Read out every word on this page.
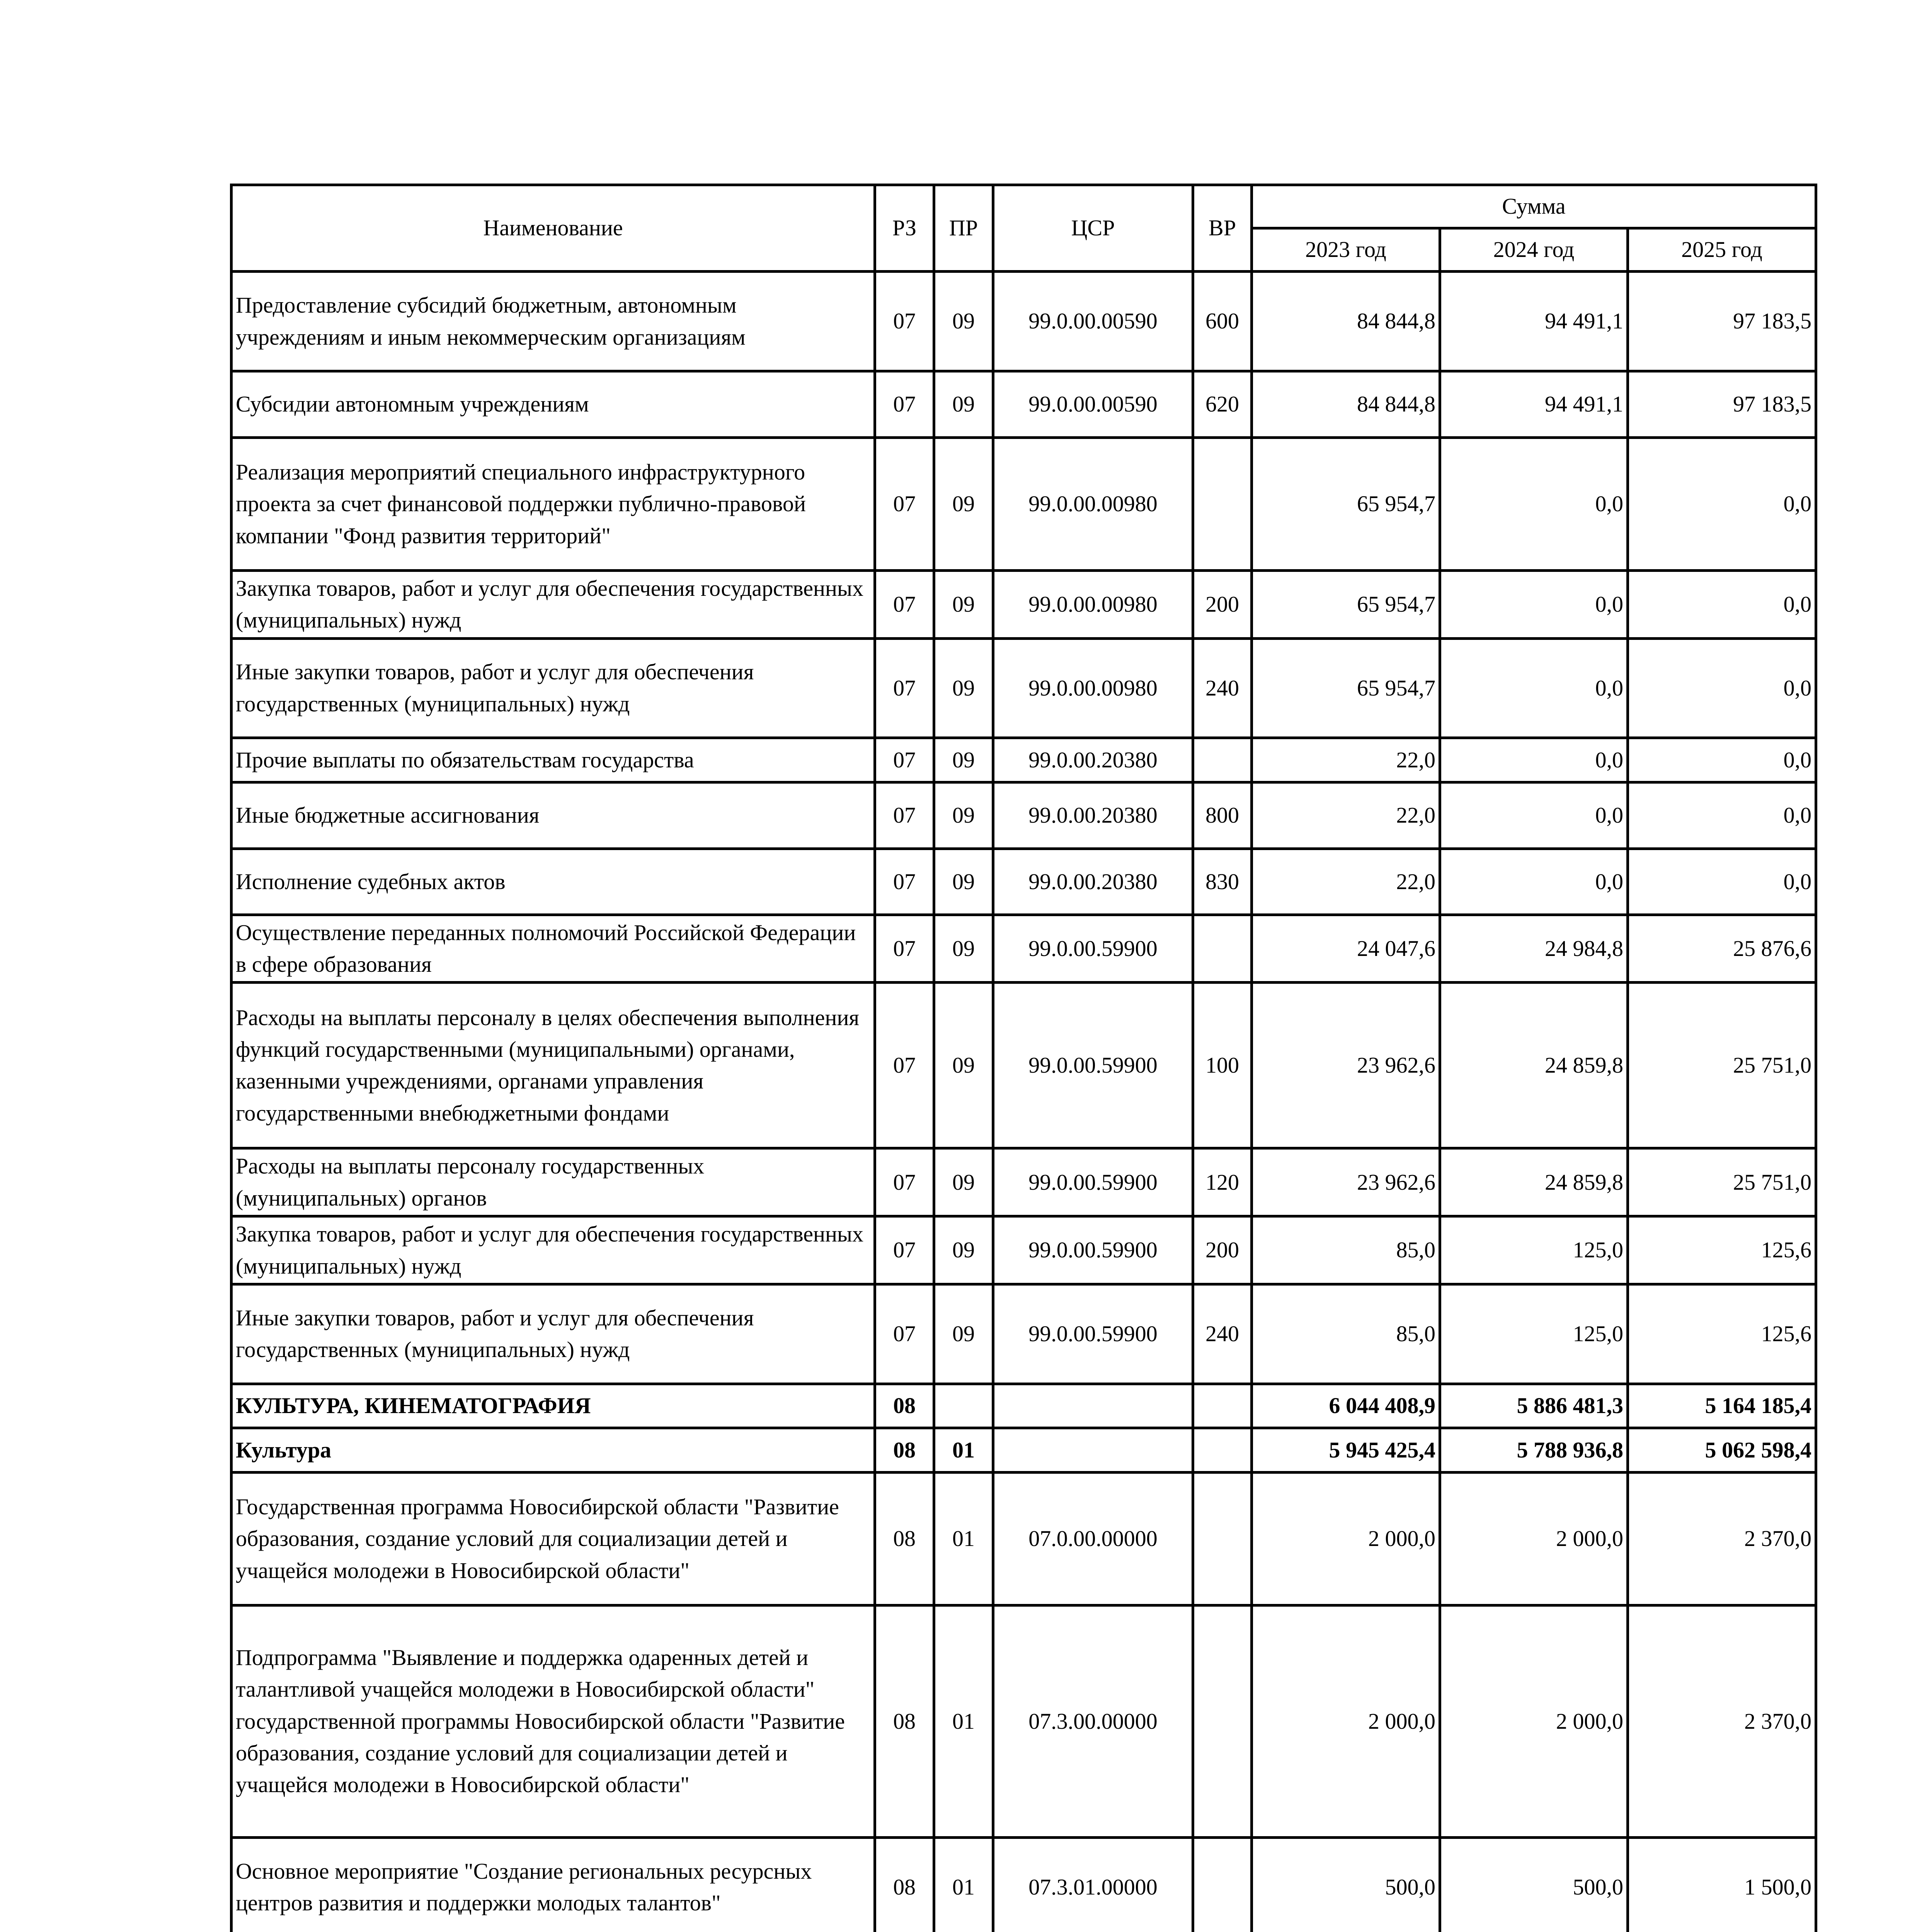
Наименование	РЗ	ПР	ЦСР	ВР	Сумма		
					2023 год	2024 год	2025 год
Предоставление субсидий бюджетным, автономным учреждениям и иным некоммерческим организациям	07	09	99.0.00.00590	600	84 844,8	94 491,1	97 183,5
Субсидии автономным учреждениям	07	09	99.0.00.00590	620	84 844,8	94 491,1	97 183,5
Реализация мероприятий специального инфраструктурного проекта за счет финансовой поддержки публично-правовой компании "Фонд развития территорий"	07	09	99.0.00.00980		65 954,7	0,0	0,0
Закупка товаров, работ и услуг для обеспечения государственных (муниципальных) нужд	07	09	99.0.00.00980	200	65 954,7	0,0	0,0
Иные закупки товаров, работ и услуг для обеспечения государственных (муниципальных) нужд	07	09	99.0.00.00980	240	65 954,7	0,0	0,0
Прочие выплаты по обязательствам государства	07	09	99.0.00.20380		22,0	0,0	0,0
Иные бюджетные ассигнования	07	09	99.0.00.20380	800	22,0	0,0	0,0
Исполнение судебных актов	07	09	99.0.00.20380	830	22,0	0,0	0,0
Осуществление переданных полномочий Российской Федерации в сфере образования	07	09	99.0.00.59900		24 047,6	24 984,8	25 876,6
Расходы на выплаты персоналу в целях обеспечения выполнения функций государственными (муниципальными) органами, казенными учреждениями, органами управления государственными внебюджетными фондами	07	09	99.0.00.59900	100	23 962,6	24 859,8	25 751,0
Расходы на выплаты персоналу государственных (муниципальных) органов	07	09	99.0.00.59900	120	23 962,6	24 859,8	25 751,0
Закупка товаров, работ и услуг для обеспечения государственных (муниципальных) нужд	07	09	99.0.00.59900	200	85,0	125,0	125,6
Иные закупки товаров, работ и услуг для обеспечения государственных (муниципальных) нужд	07	09	99.0.00.59900	240	85,0	125,0	125,6
КУЛЬТУРА, КИНЕМАТОГРАФИЯ	08				6 044 408,9	5 886 481,3	5 164 185,4
Культура	08	01			5 945 425,4	5 788 936,8	5 062 598,4
Государственная программа Новосибирской области "Развитие образования, создание условий для социализации детей и учащейся молодежи в Новосибирской области"	08	01	07.0.00.00000		2 000,0	2 000,0	2 370,0
Подпрограмма "Выявление и поддержка одаренных детей и талантливой учащейся молодежи в Новосибирской области" государственной программы Новосибирской области "Развитие образования, создание условий для социализации детей и учащейся молодежи в Новосибирской области"	08	01	07.3.00.00000		2 000,0	2 000,0	2 370,0
Основное мероприятие "Создание региональных ресурсных центров развития и поддержки молодых талантов"	08	01	07.3.01.00000		500,0	500,0	1 500,0
